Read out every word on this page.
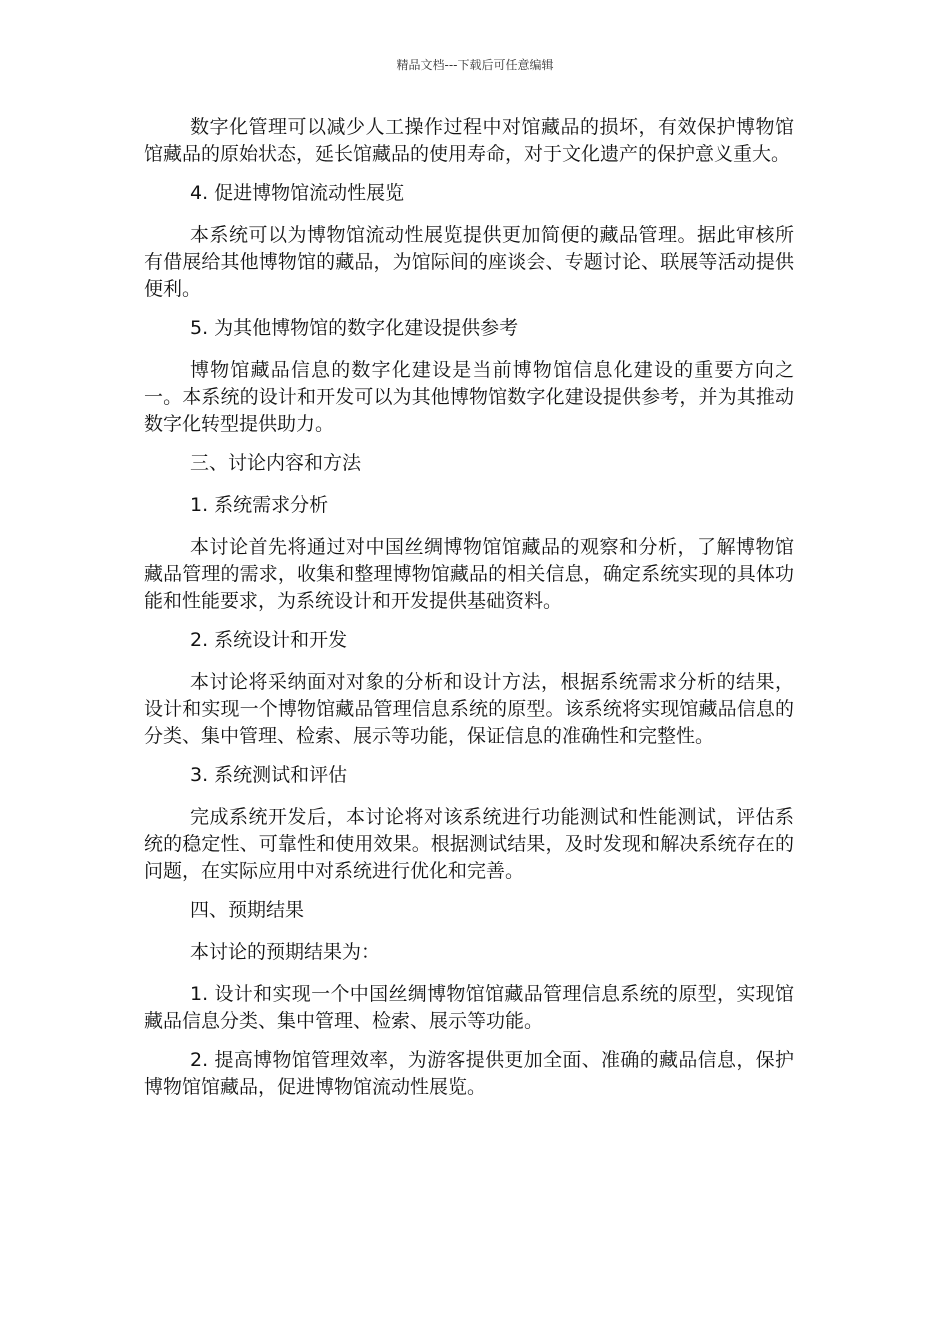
精品文档---下载后可任意编辑

数字化管理可以减少人工操作过程中对馆藏品的损坏，有效保护博物馆馆藏品的原始状态，延长馆藏品的使用寿命，对于文化遗产的保护意义重大。

4. 促进博物馆流动性展览

本系统可以为博物馆流动性展览提供更加简便的藏品管理。据此审核所有借展给其他博物馆的藏品，为馆际间的座谈会、专题讨论、联展等活动提供便利。

5. 为其他博物馆的数字化建设提供参考

博物馆藏品信息的数字化建设是当前博物馆信息化建设的重要方向之一。本系统的设计和开发可以为其他博物馆数字化建设提供参考，并为其推动数字化转型提供助力。

三、讨论内容和方法

1. 系统需求分析

本讨论首先将通过对中国丝绸博物馆馆藏品的观察和分析，了解博物馆藏品管理的需求，收集和整理博物馆藏品的相关信息，确定系统实现的具体功能和性能要求，为系统设计和开发提供基础资料。

2. 系统设计和开发

本讨论将采纳面对对象的分析和设计方法，根据系统需求分析的结果，设计和实现一个博物馆藏品管理信息系统的原型。该系统将实现馆藏品信息的分类、集中管理、检索、展示等功能，保证信息的准确性和完整性。

3. 系统测试和评估

完成系统开发后，本讨论将对该系统进行功能测试和性能测试，评估系统的稳定性、可靠性和使用效果。根据测试结果，及时发现和解决系统存在的问题，在实际应用中对系统进行优化和完善。

四、预期结果

本讨论的预期结果为：

1. 设计和实现一个中国丝绸博物馆馆藏品管理信息系统的原型，实现馆藏品信息分类、集中管理、检索、展示等功能。

2. 提高博物馆管理效率，为游客提供更加全面、准确的藏品信息，保护博物馆馆藏品，促进博物馆流动性展览。
